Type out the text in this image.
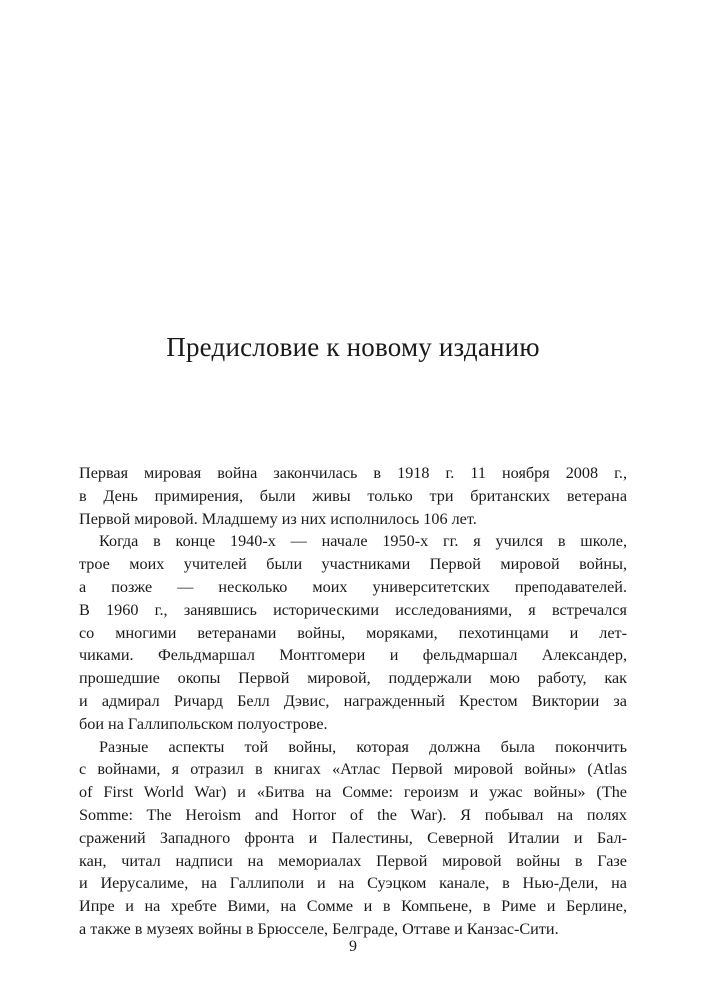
Предисловие к новому изданию
Первая мировая война закончилась в 1918 г. 11 ноября 2008 г.,
в День примирения, были живы только три британских ветерана
Первой мировой. Младшему из них исполнилось 106 лет.
Когда в конце 1940-х — начале 1950-х гг. я учился в школе,
трое моих учителей были участниками Первой мировой войны,
а позже — несколько моих университетских преподавателей.
В 1960 г., занявшись историческими исследованиями, я встречался
со многими ветеранами войны, моряками, пехотинцами и лет-
чиками. Фельдмаршал Монтгомери и фельдмаршал Александер,
прошедшие окопы Первой мировой, поддержали мою работу, как
и адмирал Ричард Белл Дэвис, награжденный Крестом Виктории за
бои на Галлипольском полуострове.
Разные аспекты той войны, которая должна была покончить
с войнами, я отразил в книгах «Атлас Первой мировой войны» (Atlas
of First World War) и «Битва на Сомме: героизм и ужас войны» (The
Somme: The Heroism and Horror of the War). Я побывал на полях
сражений Западного фронта и Палестины, Северной Италии и Бал-
кан, читал надписи на мемориалах Первой мировой войны в Газе
и Иерусалиме, на Галлиполи и на Суэцком канале, в Нью-Дели, на
Ипре и на хребте Вими, на Сомме и в Компьене, в Риме и Берлине,
а также в музеях войны в Брюсселе, Белграде, Оттаве и Канзас-Сити.
9
